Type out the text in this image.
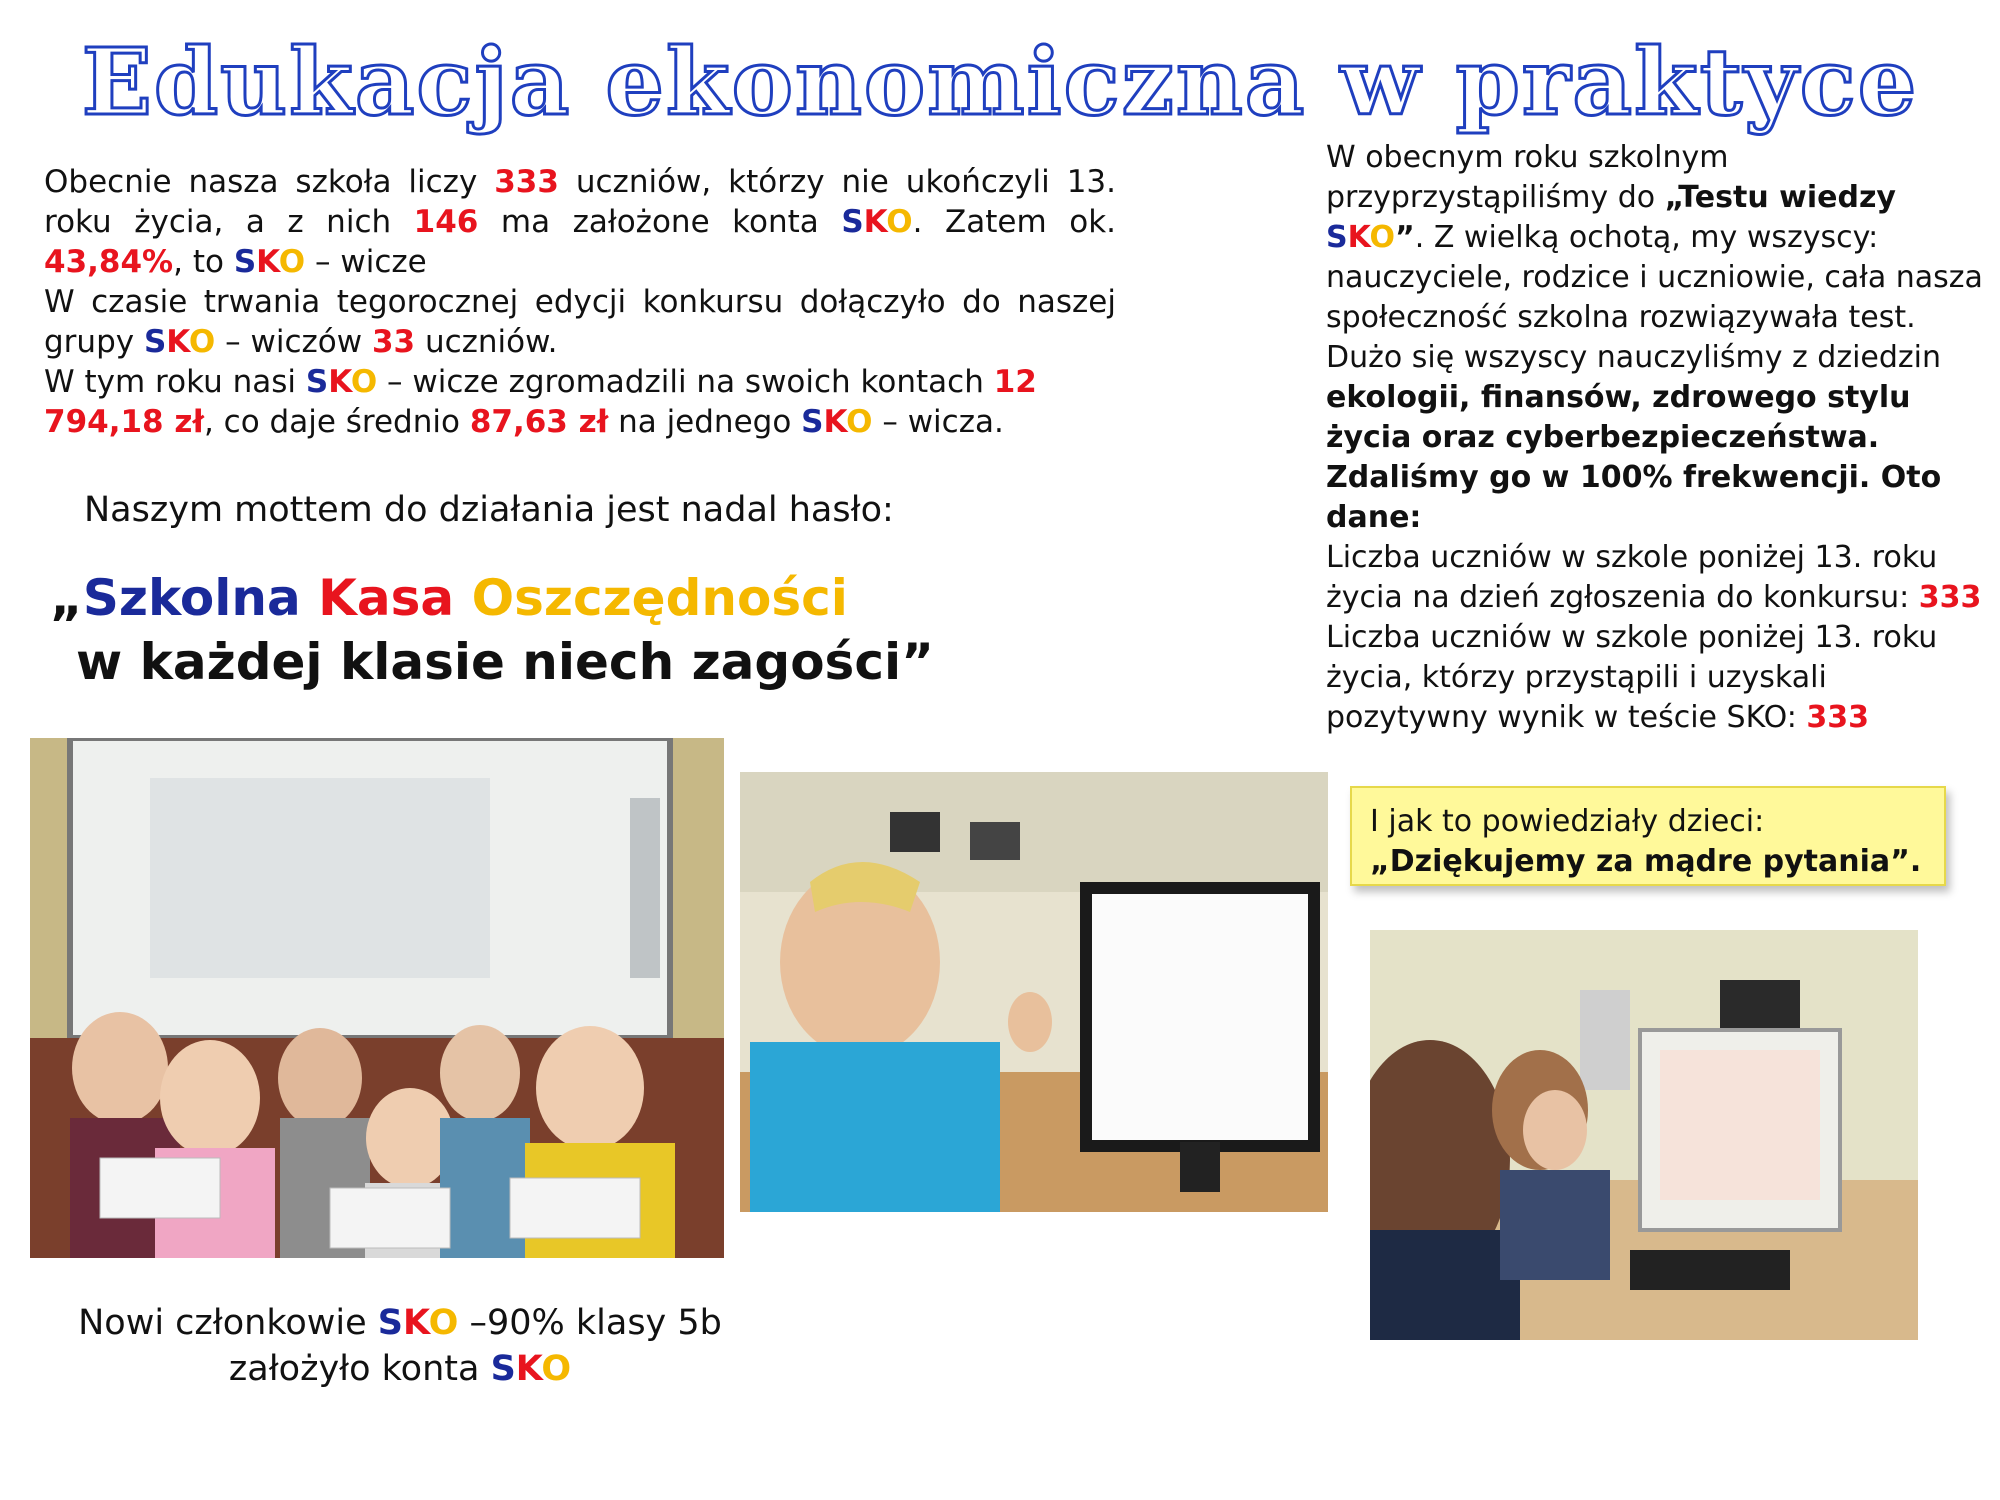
Edukacja ekonomiczna w praktyce

Obecnie nasza szkoła liczy 333 uczniów, którzy nie ukończyli 13. roku życia, a z nich 146 ma założone konta SKO. Zatem ok. 43,84%, to SKO – wicze

W czasie trwania tegorocznej edycji konkursu dołączyło do naszej grupy SKO – wiczów 33 uczniów.

W tym roku nasi SKO – wicze zgromadzili na swoich kontach 12 794,18 zł, co daje średnio 87,63 zł na jednego SKO – wicza.

Naszym mottem do działania jest nadal hasło:
„Szkolna Kasa Oszczędności
w każdej klasie niech zagości”

W obecnym roku szkolnym przyprzystąpiliśmy do „Testu wiedzy SKO”. Z wielką ochotą, my wszyscy: nauczyciele, rodzice i uczniowie, cała nasza społeczność szkolna rozwiązywała test. Dużo się wszyscy nauczyliśmy z dziedzin ekologii, finansów, zdrowego stylu życia oraz cyberbezpieczeństwa. Zdaliśmy go w 100% frekwencji. Oto dane:

Liczba uczniów w szkole poniżej 13. roku życia na dzień zgłoszenia do konkursu: 333

Liczba uczniów w szkole poniżej 13. roku życia, którzy przystąpili i uzyskali pozytywny wynik w teście SKO: 333

I jak to powiedziały dzieci:
„Dziękujemy za mądre pytania”.
Nowi członkowie SKO –90% klasy 5b założyło konta SKO
